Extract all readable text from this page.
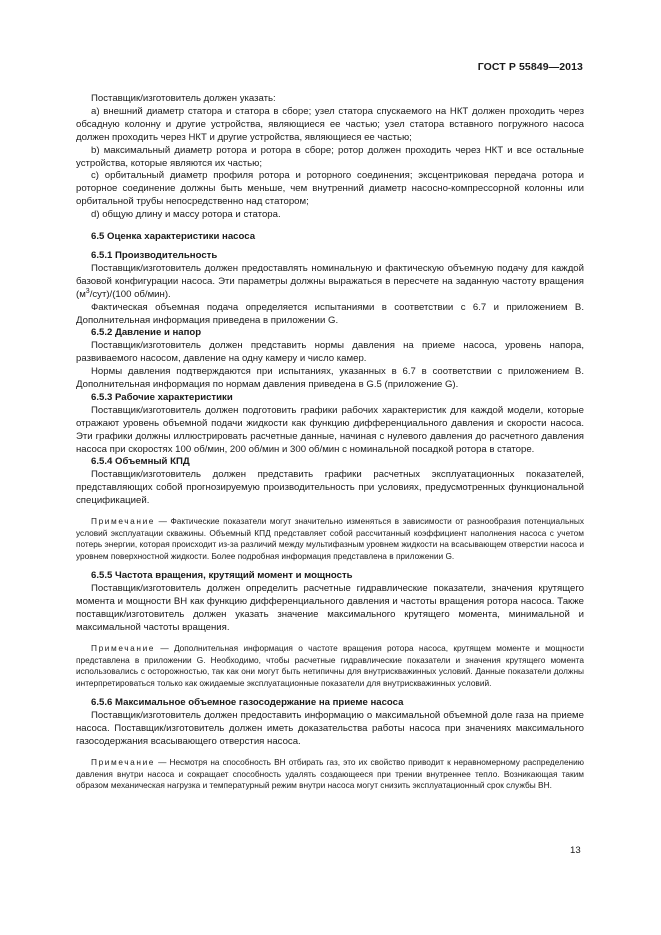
ГОСТ Р 55849—2013

Поставщик/изготовитель должен указать:

а) внешний диаметр статора и статора в сборе; узел статора спускаемого на НКТ должен проходить через обсадную колонну и другие устройства, являющиеся ее частью; узел статора вставного погружного насоса должен проходить через НКТ и другие устройства, являющиеся ее частью;

b) максимальный диаметр ротора и ротора в сборе; ротор должен проходить через НКТ и все остальные устройства, которые являются их частью;

c) орбитальный диаметр профиля ротора и роторного соединения; эксцентриковая передача ротора и роторное соединение должны быть меньше, чем внутренний диаметр насосно-компрессорной колонны или орбитальной трубы непосредственно над статором;

d) общую длину и массу ротора и статора.

6.5 Оценка характеристики насоса

6.5.1 Производительность

Поставщик/изготовитель должен предоставлять номинальную и фактическую объемную подачу для каждой базовой конфигурации насоса. Эти параметры должны выражаться в пересчете на заданную частоту вращения $(м^3/сут)/(100$ об/мин).

Фактическая объемная подача определяется испытаниями в соответствии с 6.7 и приложением В. Дополнительная информация приведена в приложении G.

6.5.2 Давление и напор

Поставщик/изготовитель должен представить нормы давления на приеме насоса, уровень напора, развиваемого насосом, давление на одну камеру и число камер.

Нормы давления подтверждаются при испытаниях, указанных в 6.7 в соответствии с приложением В. Дополнительная информация по нормам давления приведена в G.5 (приложение G).

6.5.3 Рабочие характеристики

Поставщик/изготовитель должен подготовить графики рабочих характеристик для каждой модели, которые отражают уровень объемной подачи жидкости как функцию дифференциального давления и скорости насоса. Эти графики должны иллюстрировать расчетные данные, начиная с нулевого давления до расчетного давления насоса при скоростях 100 об/мин, 200 об/мин и 300 об/мин с номинальной посадкой ротора в статоре.

6.5.4 Объемный КПД

Поставщик/изготовитель должен представить графики расчетных эксплуатационных показателей, представляющих собой прогнозируемую производительность при условиях, предусмотренных функциональной спецификацией.

Примечание — Фактические показатели могут значительно изменяться в зависимости от разнообразия потенциальных условий эксплуатации скважины. Объемный КПД представляет собой рассчитанный коэффициент наполнения насоса с учетом потерь энергии, которая происходит из-за различий между мультифазным уровнем жидкости на всасывающем отверстии насоса и уровнем поверхностной жидкости. Более подробная информация представлена в приложении G.

6.5.5 Частота вращения, крутящий момент и мощность

Поставщик/изготовитель должен определить расчетные гидравлические показатели, значения крутящего момента и мощности ВН как функцию дифференциального давления и частоты вращения ротора насоса. Также поставщик/изготовитель должен указать значение максимального крутящего момента, минимальной и максимальной частоты вращения.

Примечание — Дополнительная информация о частоте вращения ротора насоса, крутящем моменте и мощности представлена в приложении G. Необходимо, чтобы расчетные гидравлические показатели и значения крутящего момента использовались с осторожностью, так как они могут быть нетипичны для внутрискважинных условий. Данные показатели должны интерпретироваться только как ожидаемые эксплуатационные показатели для внутрискважинных условий.

6.5.6 Максимальное объемное газосодержание на приеме насоса

Поставщик/изготовитель должен предоставить информацию о максимальной объемной доле газа на приеме насоса. Поставщик/изготовитель должен иметь доказательства работы насоса при значениях максимального газосодержания всасывающего отверстия насоса.

Примечание — Несмотря на способность ВН отбирать газ, это их свойство приводит к неравномерному распределению давления внутри насоса и сокращает способность удалять создающееся при трении внутреннее тепло. Возникающая таким образом механическая нагрузка и температурный режим внутри насоса могут снизить эксплуатационный срок службы ВН.

13
